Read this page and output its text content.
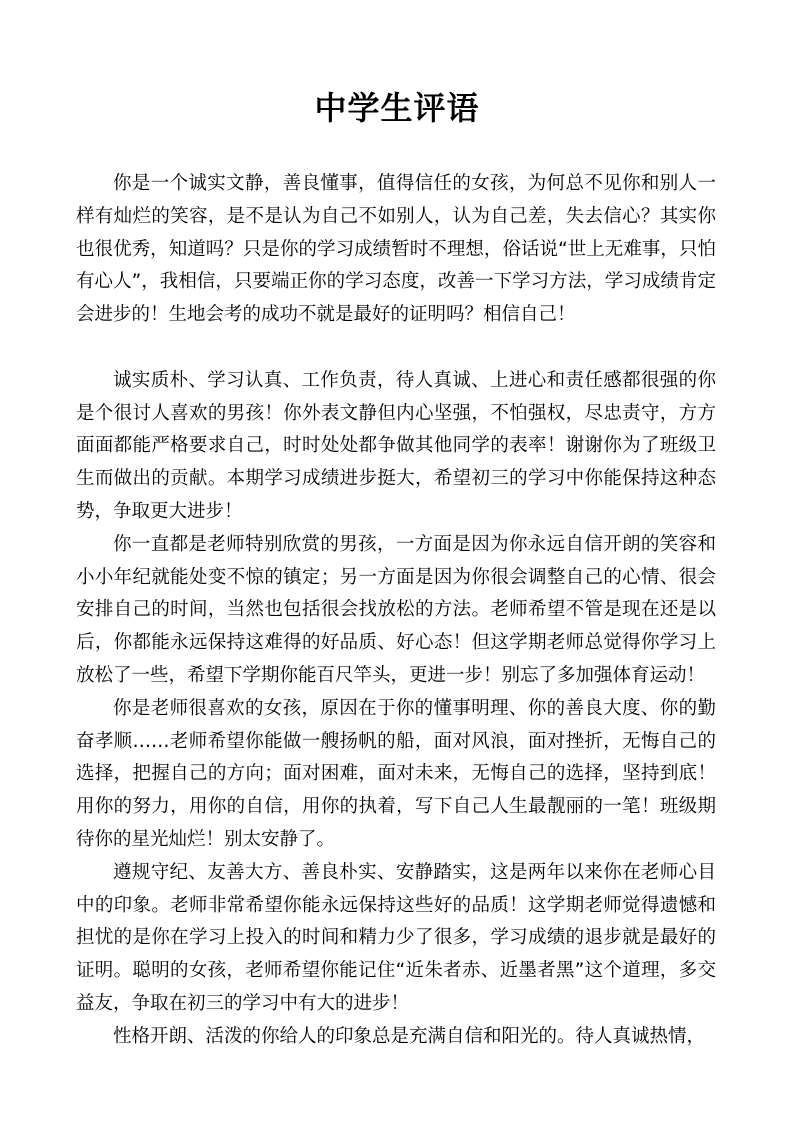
中学生评语

你是一个诚实文静，善良懂事，值得信任的女孩，为何总不见你和别人一样有灿烂的笑容，是不是认为自己不如别人，认为自己差，失去信心？其实你也很优秀，知道吗？只是你的学习成绩暂时不理想，俗话说“世上无难事，只怕有心人”，我相信，只要端正你的学习态度，改善一下学习方法，学习成绩肯定会进步的！生地会考的成功不就是最好的证明吗？相信自己！

诚实质朴、学习认真、工作负责，待人真诚、上进心和责任感都很强的你是个很讨人喜欢的男孩！你外表文静但内心坚强，不怕强权，尽忠责守，方方面面都能严格要求自己，时时处处都争做其他同学的表率！谢谢你为了班级卫生而做出的贡献。本期学习成绩进步挺大，希望初三的学习中你能保持这种态势，争取更大进步！

你一直都是老师特别欣赏的男孩，一方面是因为你永远自信开朗的笑容和小小年纪就能处变不惊的镇定；另一方面是因为你很会调整自己的心情、很会安排自己的时间，当然也包括很会找放松的方法。老师希望不管是现在还是以后，你都能永远保持这难得的好品质、好心态！但这学期老师总觉得你学习上放松了一些，希望下学期你能百尺竿头，更进一步！别忘了多加强体育运动！

你是老师很喜欢的女孩，原因在于你的懂事明理、你的善良大度、你的勤奋孝顺……老师希望你能做一艘扬帆的船，面对风浪，面对挫折，无悔自己的选择，把握自己的方向；面对困难，面对未来，无悔自己的选择，坚持到底！用你的努力，用你的自信，用你的执着，写下自己人生最靓丽的一笔！班级期待你的星光灿烂！别太安静了。

遵规守纪、友善大方、善良朴实、安静踏实，这是两年以来你在老师心目中的印象。老师非常希望你能永远保持这些好的品质！这学期老师觉得遗憾和担忧的是你在学习上投入的时间和精力少了很多，学习成绩的退步就是最好的证明。聪明的女孩，老师希望你能记住“近朱者赤、近墨者黑”这个道理，多交益友，争取在初三的学习中有大的进步！

性格开朗、活泼的你给人的印象总是充满自信和阳光的。待人真诚热情，
